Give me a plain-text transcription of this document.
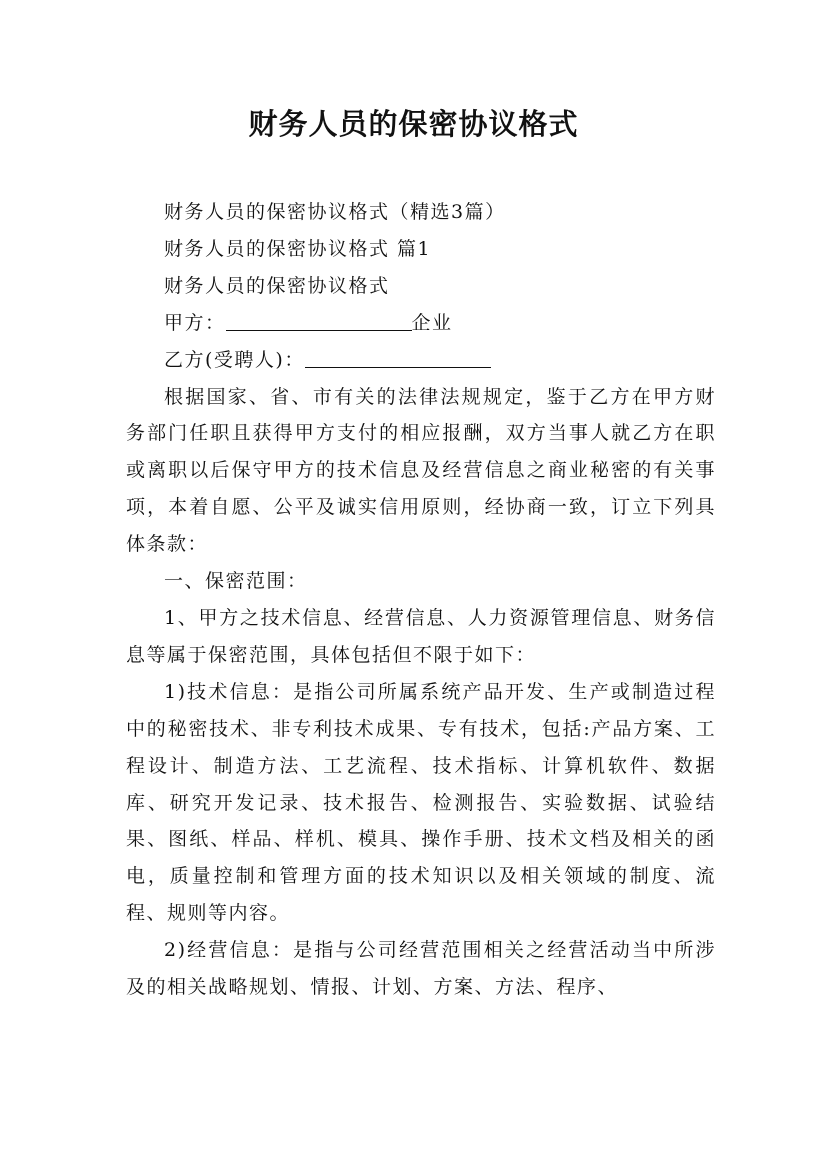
财务人员的保密协议格式

财务人员的保密协议格式（精选3篇）

财务人员的保密协议格式 篇1

财务人员的保密协议格式

甲方：	企业

乙方(受聘人)：

根据国家、省、市有关的法律法规规定，鉴于乙方在甲方财务部门任职且获得甲方支付的相应报酬，双方当事人就乙方在职或离职以后保守甲方的技术信息及经营信息之商业秘密的有关事项，本着自愿、公平及诚实信用原则，经协商一致，订立下列具体条款：

一、保密范围：

1、甲方之技术信息、经营信息、人力资源管理信息、财务信息等属于保密范围，具体包括但不限于如下：

1)技术信息：是指公司所属系统产品开发、生产或制造过程中的秘密技术、非专利技术成果、专有技术，包括:产品方案、工程设计、制造方法、工艺流程、技术指标、计算机软件、数据库、研究开发记录、技术报告、检测报告、实验数据、试验结果、图纸、样品、样机、模具、操作手册、技术文档及相关的函电，质量控制和管理方面的技术知识以及相关领域的制度、流程、规则等内容。

2)经营信息：是指与公司经营范围相关之经营活动当中所涉及的相关战略规划、情报、计划、方案、方法、程序、
